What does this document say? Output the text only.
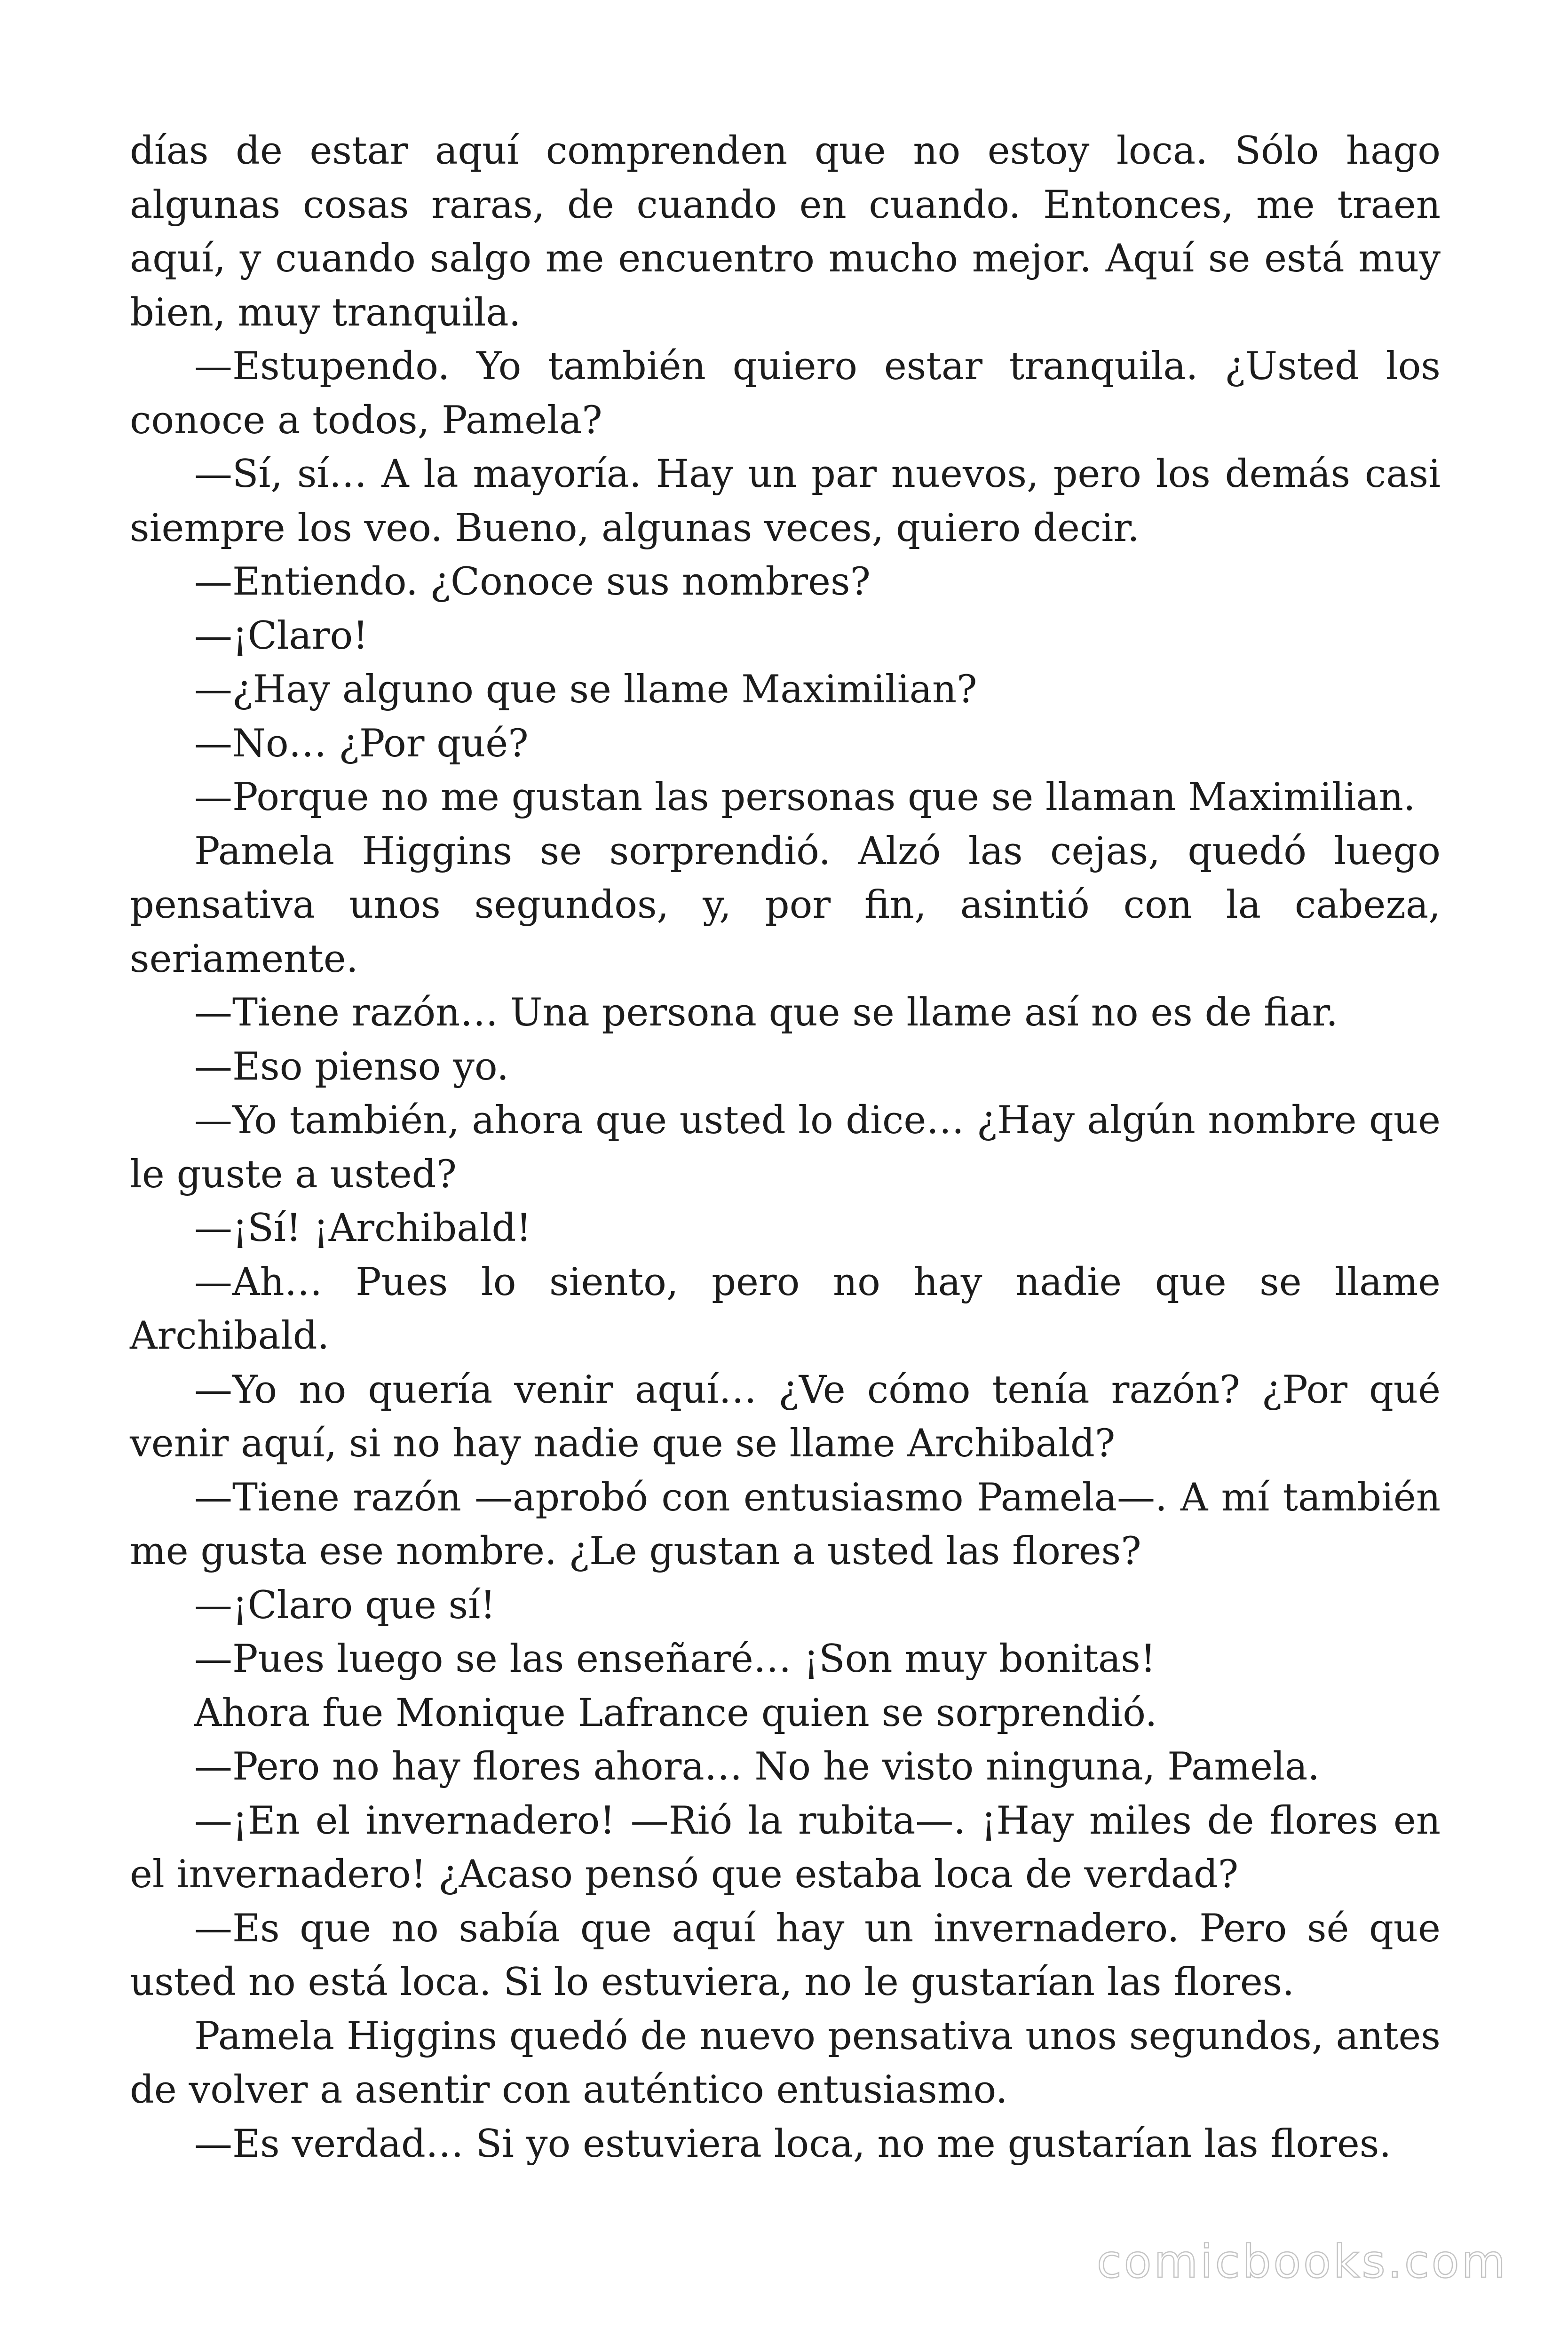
días de estar aquí comprenden que no estoy loca. Sólo hago algunas cosas raras, de cuando en cuando. Entonces, me traen aquí, y cuando salgo me encuentro mucho mejor. Aquí se está muy bien, muy tranquila.

—Estupendo. Yo también quiero estar tranquila. ¿Usted los conoce a todos, Pamela?

—Sí, sí… A la mayoría. Hay un par nuevos, pero los demás casi siempre los veo. Bueno, algunas veces, quiero decir.

—Entiendo. ¿Conoce sus nombres?

—¡Claro!

—¿Hay alguno que se llame Maximilian?

—No… ¿Por qué?

—Porque no me gustan las personas que se llaman Maximilian.

Pamela Higgins se sorprendió. Alzó las cejas, quedó luego pensativa unos segundos, y, por fin, asintió con la cabeza, seriamente.

—Tiene razón… Una persona que se llame así no es de fiar.

—Eso pienso yo.

—Yo también, ahora que usted lo dice… ¿Hay algún nombre que le guste a usted?

—¡Sí! ¡Archibald!

—Ah… Pues lo siento, pero no hay nadie que se llame Archibald.

—Yo no quería venir aquí… ¿Ve cómo tenía razón? ¿Por qué venir aquí, si no hay nadie que se llame Archibald?

—Tiene razón —aprobó con entusiasmo Pamela—. A mí también me gusta ese nombre. ¿Le gustan a usted las flores?

—¡Claro que sí!

—Pues luego se las enseñaré… ¡Son muy bonitas!

Ahora fue Monique Lafrance quien se sorprendió.

—Pero no hay flores ahora… No he visto ninguna, Pamela.

—¡En el invernadero! —Rió la rubita—. ¡Hay miles de flores en el invernadero! ¿Acaso pensó que estaba loca de verdad?

—Es que no sabía que aquí hay un invernadero. Pero sé que usted no está loca. Si lo estuviera, no le gustarían las flores.

Pamela Higgins quedó de nuevo pensativa unos segundos, antes de volver a asentir con auténtico entusiasmo.

—Es verdad… Si yo estuviera loca, no me gustarían las flores.

comicbooks.com
